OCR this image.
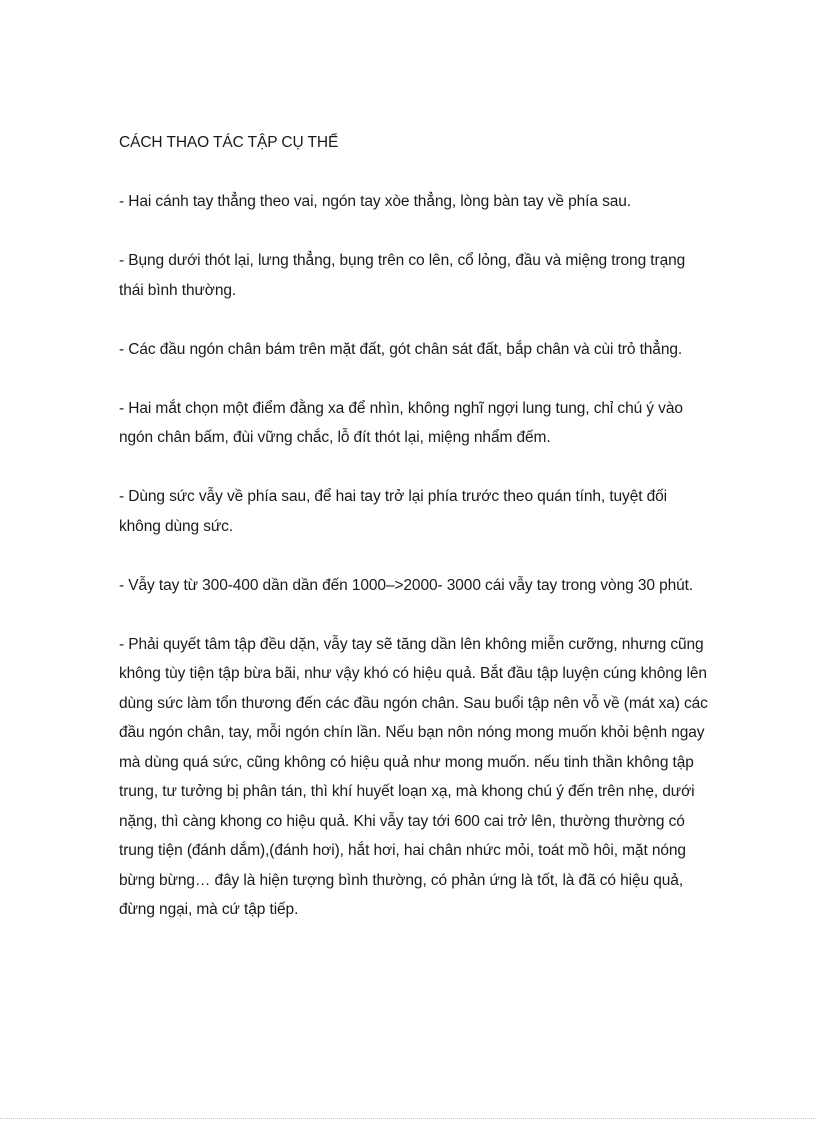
CÁCH THAO TÁC TẬP CỤ THỂ

- Hai cánh tay thẳng theo vai, ngón tay xòe thẳng, lòng bàn tay về phía sau.

- Bụng dưới thót lại, lưng thẳng, bụng trên co lên, cổ lỏng, đầu và miệng trong trạng thái bình thường.

- Các đầu ngón chân bám trên mặt đất, gót chân sát đất, bắp chân và cùi trỏ thẳng.

- Hai mắt chọn một điểm đằng xa để nhìn, không nghĩ ngợi lung tung, chỉ chú ý vào ngón chân bấm, đùi vững chắc, lỗ đít thót lại, miệng nhẩm đếm.

- Dùng sức vẫy về phía sau, để hai tay trở lại phía trước theo quán tính, tuyệt đối không dùng sức.

- Vẫy tay từ 300-400 dần dần đến 1000–>2000- 3000 cái vẫy tay trong vòng 30 phút.

- Phải quyết tâm tập đều dặn, vẫy tay sẽ tăng dần lên không miễn cưỡng, nhưng cũng không tùy tiện tập bừa bãi, như vậy khó có hiệu quả. Bắt đầu tập luyện cúng không lên dùng sức làm tổn thương đến các đầu ngón chân. Sau buổi tập nên vỗ về (mát xa) các đầu ngón chân, tay, mỗi ngón chín lần. Nếu bạn nôn nóng mong muốn khỏi bệnh ngay mà dùng quá sức, cũng không có hiệu quả như mong muốn. nếu tinh thần không tập trung, tư tưởng bị phân tán, thì khí huyết loạn xạ, mà khong chú ý đến trên nhẹ, dưới nặng, thì càng khong co hiệu quả. Khi vẫy tay tới 600 cai trở lên, thường thường có trung tiện (đánh dắm),(đánh hơi), hắt hơi, hai chân nhức mỏi, toát mồ hôi, mặt nóng bừng bừng… đây là hiện tượng bình thường, có phản ứng là tốt, là đã có hiệu quả, đừng ngại, mà cứ tập tiếp.
